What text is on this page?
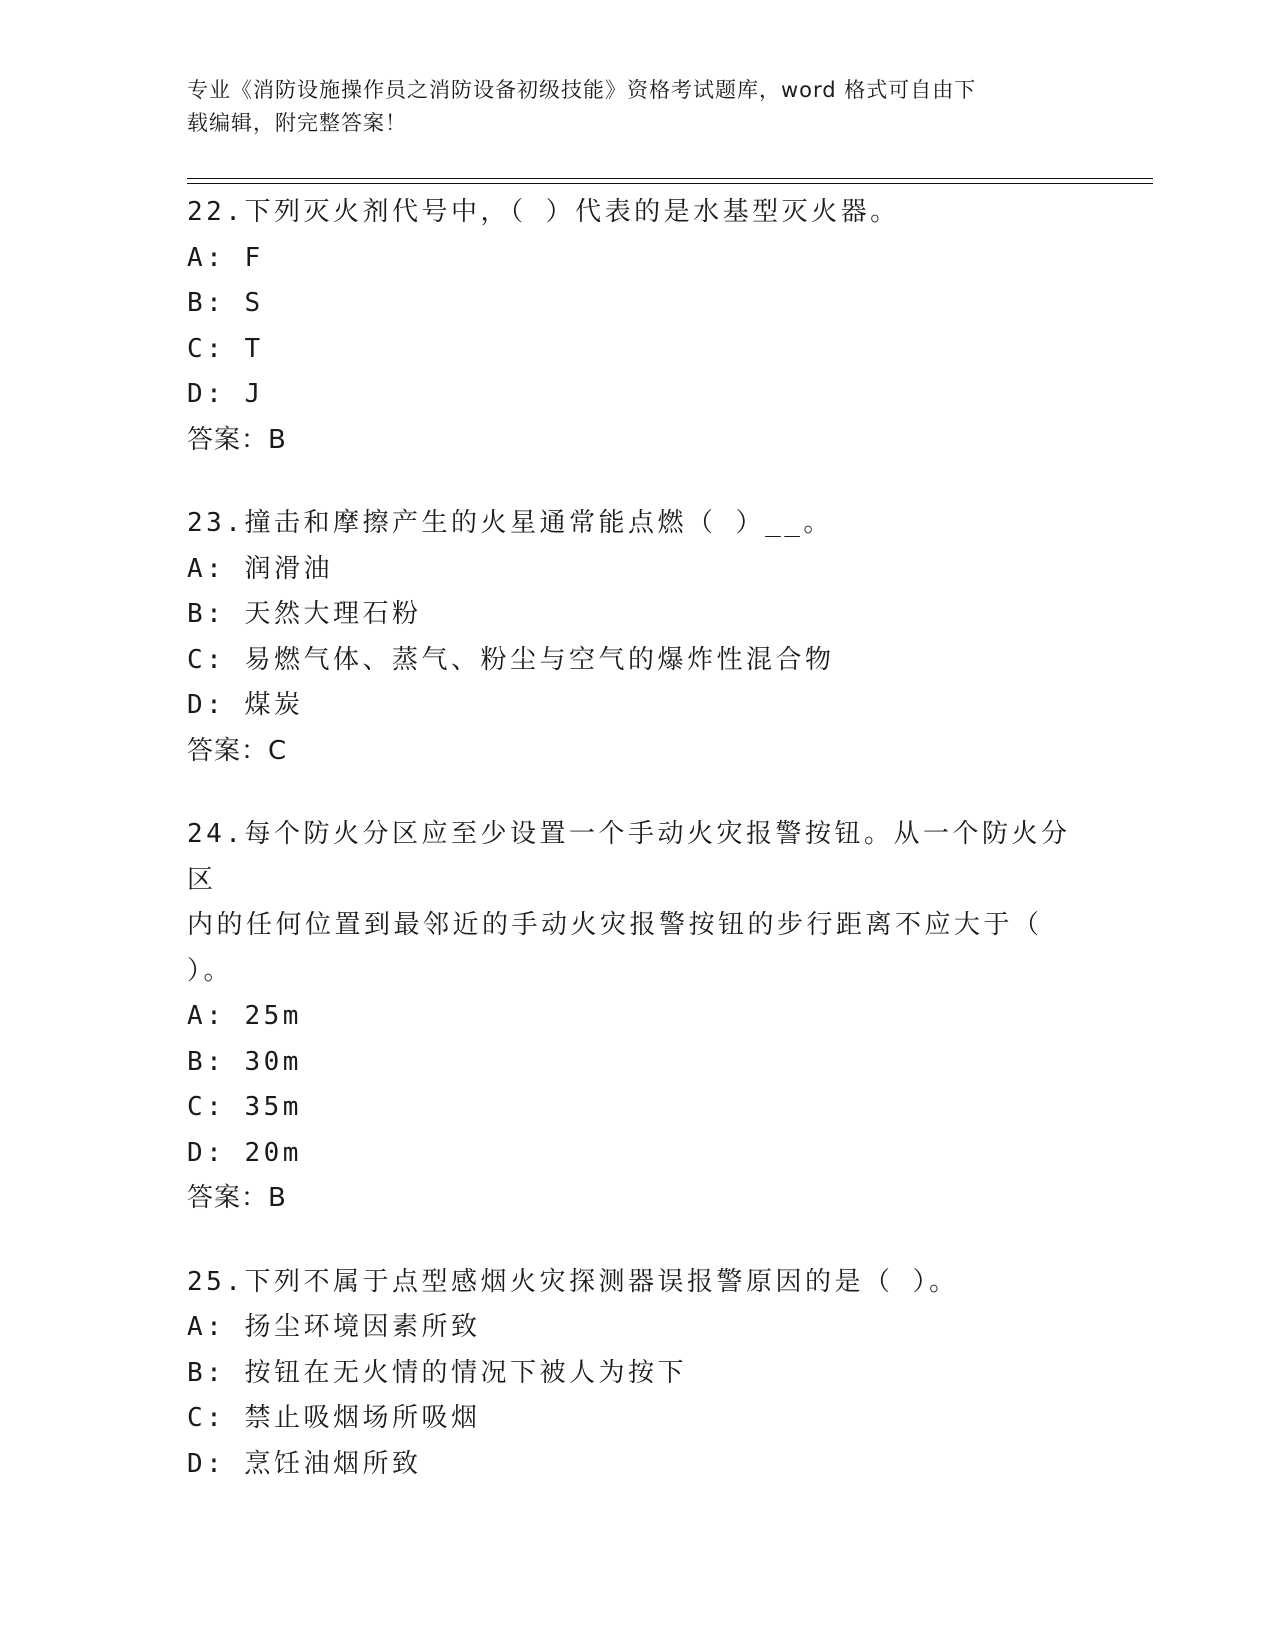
专业《消防设施操作员之消防设备初级技能》资格考试题库，word 格式可自由下
载编辑，附完整答案！
22.下列灭火剂代号中，（ ）代表的是水基型灭火器。
A: F
B: S
C: T
D: J
答案：B
23.撞击和摩擦产生的火星通常能点燃（ ）__。
A: 润滑油
B: 天然大理石粉
C: 易燃气体、蒸气、粉尘与空气的爆炸性混合物
D: 煤炭
答案：C
24.每个防火分区应至少设置一个手动火灾报警按钮。从一个防火分区
内的任何位置到最邻近的手动火灾报警按钮的步行距离不应大于（
）。
A: 25m
B: 30m
C: 35m
D: 20m
答案：B
25.下列不属于点型感烟火灾探测器误报警原因的是（ ）。
A: 扬尘环境因素所致
B: 按钮在无火情的情况下被人为按下
C: 禁止吸烟场所吸烟
D: 烹饪油烟所致
